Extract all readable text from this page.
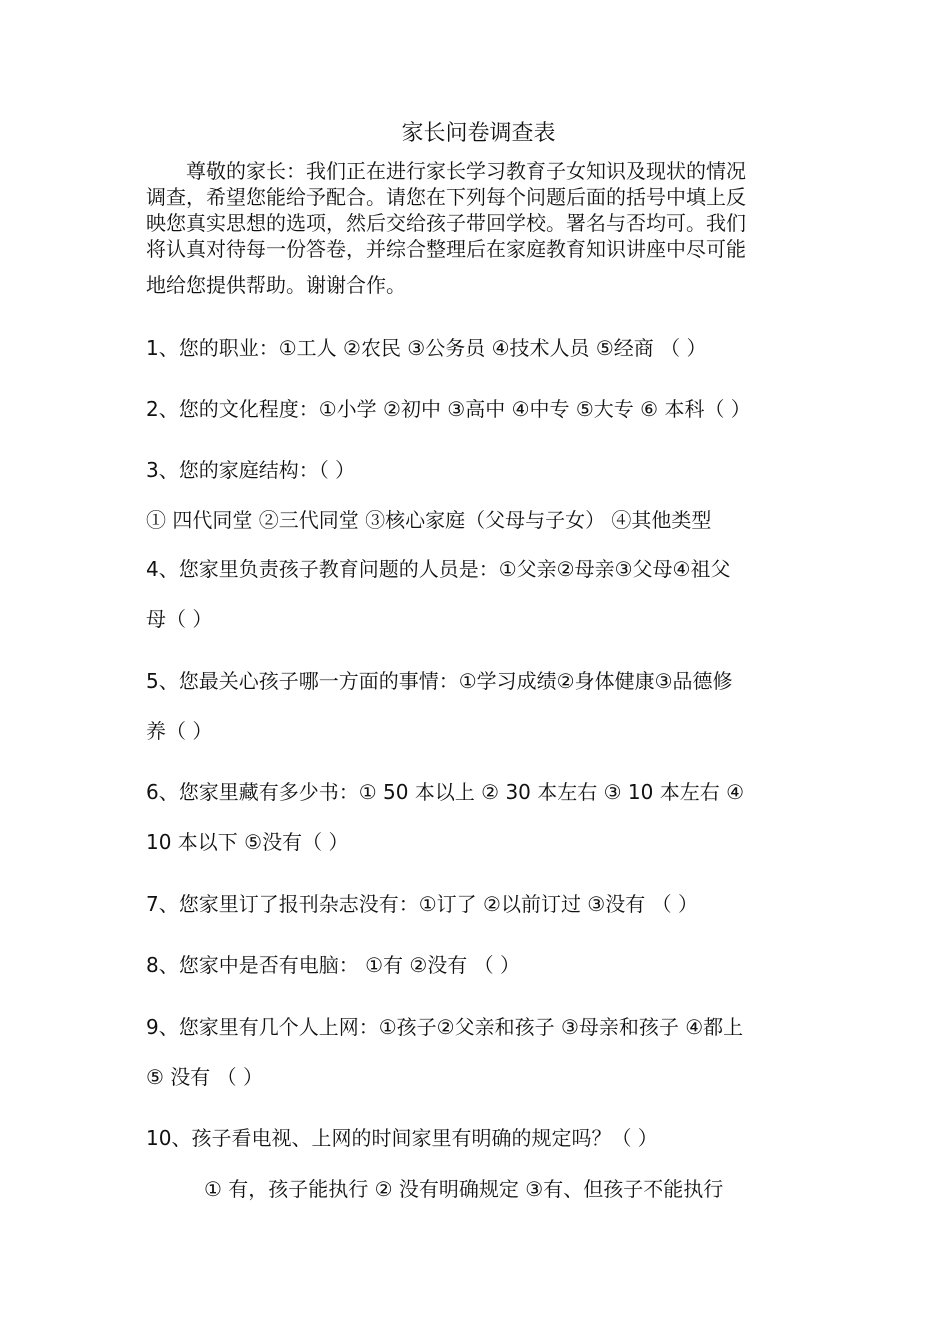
家长问卷调查表
尊敬的家长：我们正在进行家长学习教育子女知识及现状的情况
调查，希望您能给予配合。请您在下列每个问题后面的括号中填上反
映您真实思想的选项，然后交给孩子带回学校。署名与否均可。我们
将认真对待每一份答卷，并综合整理后在家庭教育知识讲座中尽可能
地给您提供帮助。谢谢合作。
1、您的职业：①工人 ②农民 ③公务员 ④技术人员 ⑤经商 （ ）
2、您的文化程度：①小学 ②初中 ③高中 ④中专 ⑤大专 ⑥ 本科（ ）
3、您的家庭结构：（ ）
① 四代同堂 ②三代同堂 ③核心家庭（父母与子女） ④其他类型
4、您家里负责孩子教育问题的人员是：①父亲②母亲③父母④祖父
母（ ）
5、您最关心孩子哪一方面的事情：①学习成绩②身体健康③品德修
养（ ）
6、您家里藏有多少书：① 50 本以上 ② 30 本左右 ③ 10 本左右 ④
10 本以下 ⑤没有（ ）
7、您家里订了报刊杂志没有：①订了 ②以前订过 ③没有 （ ）
8、您家中是否有电脑： ①有 ②没有 （ ）
9、您家里有几个人上网：①孩子②父亲和孩子 ③母亲和孩子 ④都上
⑤ 没有 （ ）
10、孩子看电视、上网的时间家里有明确的规定吗？（ ）
① 有，孩子能执行 ② 没有明确规定 ③有、但孩子不能执行
